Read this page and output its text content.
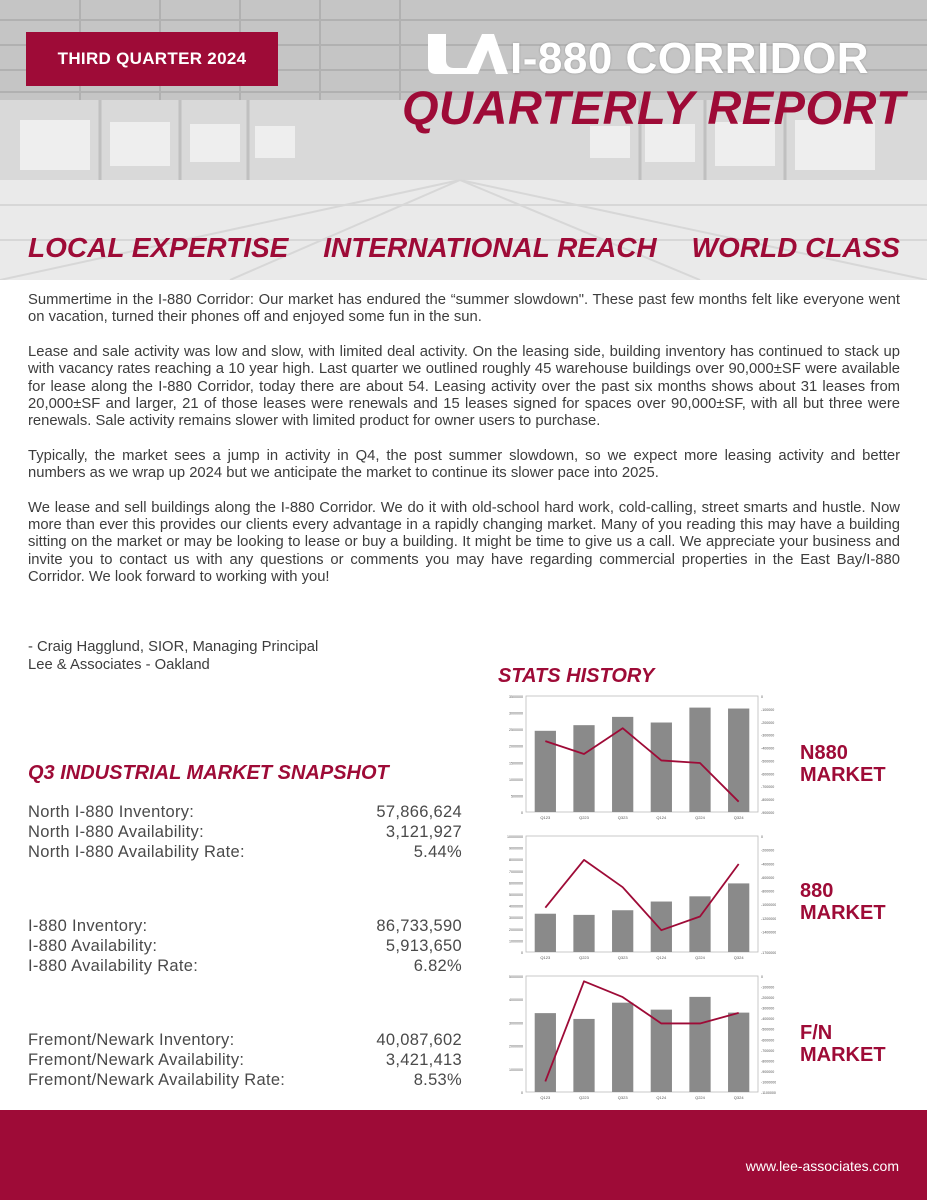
THIRD QUARTER 2024	I-880 CORRIDOR
QUARTERLY REPORT
LOCAL EXPERTISE INTERNATIONAL REACH WORLD CLASS

Summertime in the I-880 Corridor: Our market has endured the “summer slowdown". These past few months felt like everyone went on vacation, turned their phones off and enjoyed some fun in the sun.

Lease and sale activity was low and slow, with limited deal activity. On the leasing side, building inventory has continued to stack up with vacancy rates reaching a 10 year high. Last quarter we outlined roughly 45 warehouse buildings over 90,000±SF were available for lease along the I-880 Corridor, today there are about 54. Leasing activity over the past six months shows about 31 leases from 20,000±SF and larger, 21 of those leases were renewals and 15 leases signed for spaces over 90,000±SF, with all but three were renewals. Sale activity remains slower with limited product for owner users to purchase.

Typically, the market sees a jump in activity in Q4, the post summer slowdown, so we expect more leasing activity and better numbers as we wrap up 2024 but we anticipate the market to continue its slower pace into 2025.

We lease and sell buildings along the I-880 Corridor. We do it with old-school hard work, cold-calling, street smarts and hustle. Now more than ever this provides our clients every advantage in a rapidly changing market. Many of you reading this may have a building sitting on the market or may be looking to lease or buy a building. It might be time to give us a call. We appreciate your business and invite you to contact us with any questions or comments you may have regarding commercial properties in the East Bay/I-880 Corridor. We look forward to working with you!

- Craig Hagglund, SIOR, Managing Principal
Lee & Associates - Oakland
Q3 INDUSTRIAL MARKET SNAPSHOT
North I-880 Inventory:	57,866,624
North I-880 Availability:	3,121,927
North I-880 Availability Rate:	5.44%
I-880 Inventory:	86,733,590
I-880 Availability:	5,913,650
I-880 Availability Rate:	6.82%
Fremont/Newark Inventory:	40,087,602
Fremont/Newark Availability:	3,421,413
Fremont/Newark Availability Rate:	8.53%
STATS HISTORY
3500000
3000000
2500000
2000000
1500000
1000000
500000
0
0
-100000
-200000
-300000
-400000
-500000
-600000
-700000
-800000
-900000
Q123	Q223	Q323	Q124	Q224	Q324
10000000
9000000
8000000
7000000
6000000
5000000
4000000
3000000
2000000
1000000
0
0
-200000
-400000
-600000
-800000
-1000000
-1200000
-1400000
-1700000
Q123	Q223	Q323	Q124	Q224	Q324
5000000
4000000
3000000
2000000
1000000
0
0
-100000
-200000
-300000
-400000
-500000
-600000
-700000
-800000
-900000
-1000000
-1100000
Q123	Q223	Q323	Q124	Q224	Q324
N880
MARKET
880
MARKET
F/N
MARKET
www.lee-associates.com
